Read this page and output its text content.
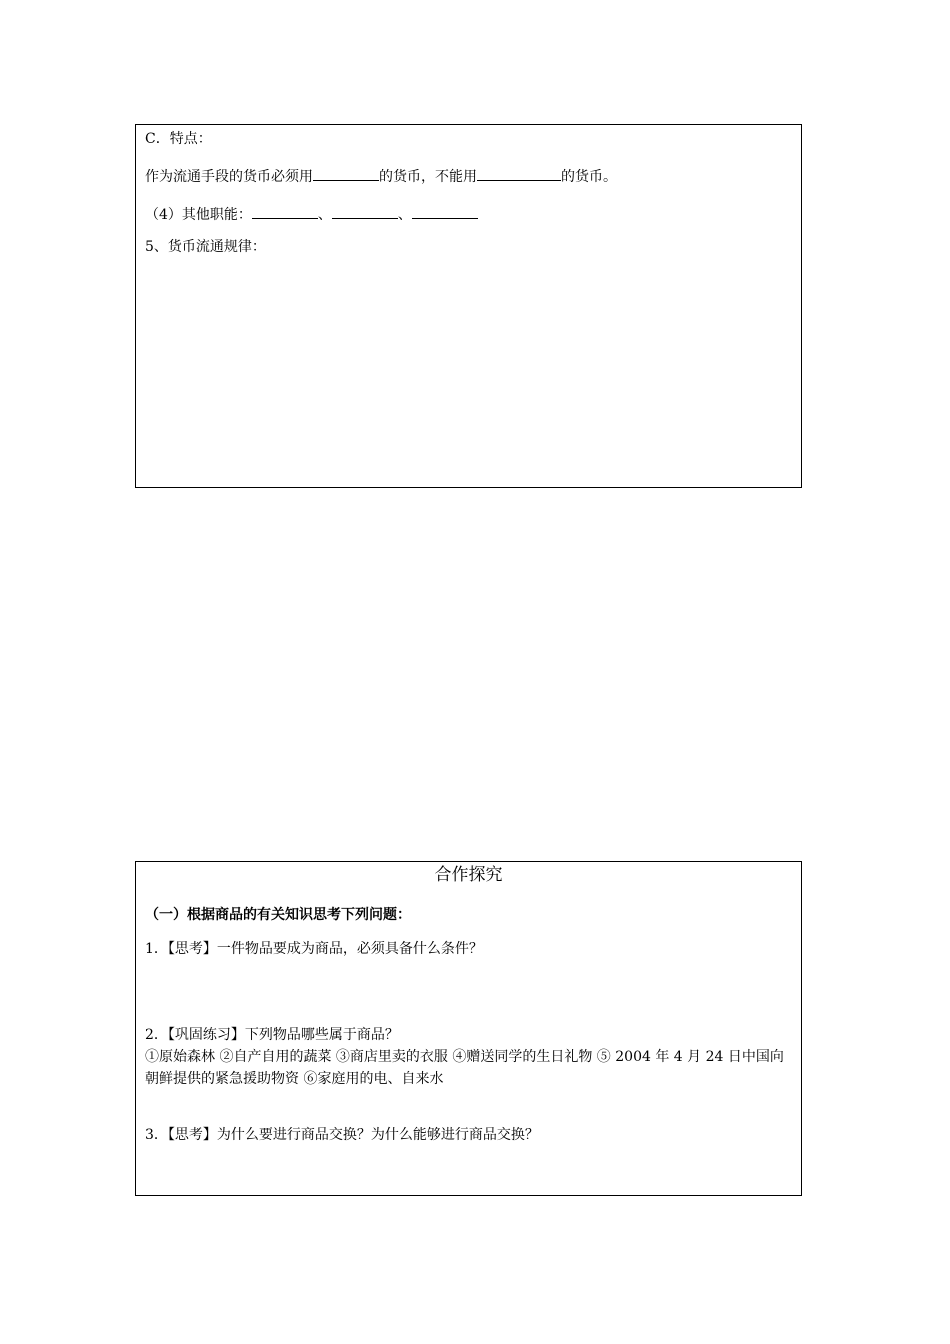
C．特点：
作为流通手段的货币必须用	的货币，不能用	的货币。
（4）其他职能：	、	、
5、货币流通规律：
合作探究
（一）根据商品的有关知识思考下列问题：
1．【思考】一件物品要成为商品，必须具备什么条件？
2．【巩固练习】下列物品哪些属于商品？
①原始森林 ②自产自用的蔬菜 ③商店里卖的衣服 ④赠送同学的生日礼物 ⑤ 2004 年 4 月 24 日中国向朝鲜提供的紧急援助物资 ⑥家庭用的电、自来水
3．【思考】为什么要进行商品交换？为什么能够进行商品交换？
